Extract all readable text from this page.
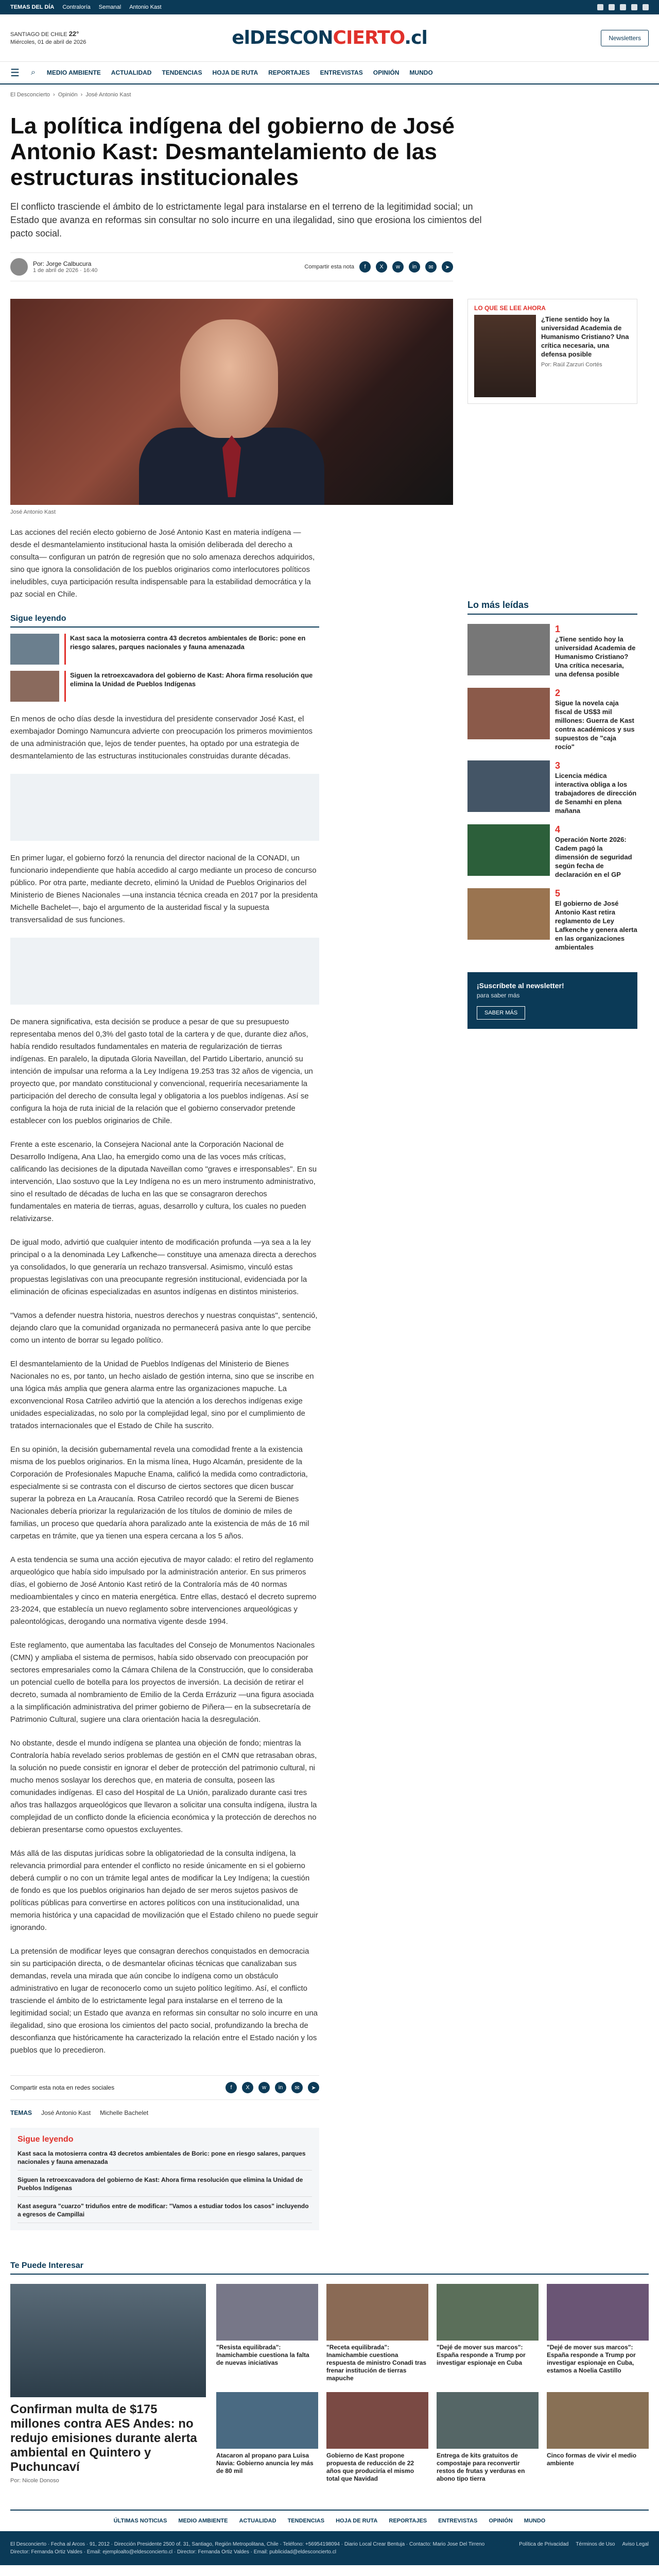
TEMAS DEL DÍA Contraloría Semanal Antonio Kast
SANTIAGO DE CHILE 22°
Miércoles, 01 de abril de 2026	elDESCONCIERTO.cl	Newsletters
☰ ⌕ MEDIO AMBIENTE ACTUALIDAD TENDENCIAS HOJA DE RUTA REPORTAJES ENTREVISTAS OPINIÓN MUNDO
El Desconcierto › Opinión › José Antonio Kast
La política indígena del gobierno de José Antonio Kast: Desmantelamiento de las estructuras institucionales

El conflicto trasciende el ámbito de lo estrictamente legal para instalarse en el terreno de la legitimidad social; un Estado que avanza en reformas sin consultar no solo incurre en una ilegalidad, sino que erosiona los cimientos del pacto social.

Por: Jorge Calbucura
1 de abril de 2026 · 16:40
Compartir esta nota	f	X	w	in	✉	➤
José Antonio Kast

Las acciones del recién electo gobierno de José Antonio Kast en materia indígena —desde el desmantelamiento institucional hasta la omisión deliberada del derecho a consulta— configuran un patrón de regresión que no solo amenaza derechos adquiridos, sino que ignora la consolidación de los pueblos originarios como interlocutores políticos ineludibles, cuya participación resulta indispensable para la estabilidad democrática y la paz social en Chile.

Sigue leyendo
Kast saca la motosierra contra 43 decretos ambientales de Boric: pone en riesgo salares, parques nacionales y fauna amenazada
Siguen la retroexcavadora del gobierno de Kast: Ahora firma resolución que elimina la Unidad de Pueblos Indígenas

En menos de ocho días desde la investidura del presidente conservador José Kast, el exembajador Domingo Namuncura advierte con preocupación los primeros movimientos de una administración que, lejos de tender puentes, ha optado por una estrategia de desmantelamiento de las estructuras institucionales construidas durante décadas.

En primer lugar, el gobierno forzó la renuncia del director nacional de la CONADI, un funcionario independiente que había accedido al cargo mediante un proceso de concurso público. Por otra parte, mediante decreto, eliminó la Unidad de Pueblos Originarios del Ministerio de Bienes Nacionales —una instancia técnica creada en 2017 por la presidenta Michelle Bachelet—, bajo el argumento de la austeridad fiscal y la supuesta transversalidad de sus funciones.

De manera significativa, esta decisión se produce a pesar de que su presupuesto representaba menos del 0,3% del gasto total de la cartera y de que, durante diez años, había rendido resultados fundamentales en materia de regularización de tierras indígenas. En paralelo, la diputada Gloria Naveillan, del Partido Libertario, anunció su intención de impulsar una reforma a la Ley Indígena 19.253 tras 32 años de vigencia, un proyecto que, por mandato constitucional y convencional, requeriría necesariamente la participación del derecho de consulta legal y obligatoria a los pueblos indígenas. Así se configura la hoja de ruta inicial de la relación que el gobierno conservador pretende establecer con los pueblos originarios de Chile.

Frente a este escenario, la Consejera Nacional ante la Corporación Nacional de Desarrollo Indígena, Ana Llao, ha emergido como una de las voces más críticas, calificando las decisiones de la diputada Naveillan como "graves e irresponsables". En su intervención, Llao sostuvo que la Ley Indígena no es un mero instrumento administrativo, sino el resultado de décadas de lucha en las que se consagraron derechos fundamentales en materia de tierras, aguas, desarrollo y cultura, los cuales no pueden relativizarse.

De igual modo, advirtió que cualquier intento de modificación profunda —ya sea a la ley principal o a la denominada Ley Lafkenche— constituye una amenaza directa a derechos ya consolidados, lo que generaría un rechazo transversal. Asimismo, vinculó estas propuestas legislativas con una preocupante regresión institucional, evidenciada por la eliminación de oficinas especializadas en asuntos indígenas en distintos ministerios.

"Vamos a defender nuestra historia, nuestros derechos y nuestras conquistas", sentenció, dejando claro que la comunidad organizada no permanecerá pasiva ante lo que percibe como un intento de borrar su legado político.

El desmantelamiento de la Unidad de Pueblos Indígenas del Ministerio de Bienes Nacionales no es, por tanto, un hecho aislado de gestión interna, sino que se inscribe en una lógica más amplia que genera alarma entre las organizaciones mapuche. La exconvencional Rosa Catrileo advirtió que la atención a los derechos indígenas exige unidades especializadas, no solo por la complejidad legal, sino por el cumplimiento de tratados internacionales que el Estado de Chile ha suscrito.

En su opinión, la decisión gubernamental revela una comodidad frente a la existencia misma de los pueblos originarios. En la misma línea, Hugo Alcamán, presidente de la Corporación de Profesionales Mapuche Enama, calificó la medida como contradictoria, especialmente si se contrasta con el discurso de ciertos sectores que dicen buscar superar la pobreza en La Araucanía. Rosa Catrileo recordó que la Seremi de Bienes Nacionales debería priorizar la regularización de los títulos de dominio de miles de familias, un proceso que quedaría ahora paralizado ante la existencia de más de 16 mil carpetas en trámite, que ya tienen una espera cercana a los 5 años.

A esta tendencia se suma una acción ejecutiva de mayor calado: el retiro del reglamento arqueológico que había sido impulsado por la administración anterior. En sus primeros días, el gobierno de José Antonio Kast retiró de la Contraloría más de 40 normas medioambientales y cinco en materia energética. Entre ellas, destacó el decreto supremo 23-2024, que establecía un nuevo reglamento sobre intervenciones arqueológicas y paleontológicas, derogando una normativa vigente desde 1994.

Este reglamento, que aumentaba las facultades del Consejo de Monumentos Nacionales (CMN) y ampliaba el sistema de permisos, había sido observado con preocupación por sectores empresariales como la Cámara Chilena de la Construcción, que lo consideraba un potencial cuello de botella para los proyectos de inversión. La decisión de retirar el decreto, sumada al nombramiento de Emilio de la Cerda Errázuriz —una figura asociada a la simplificación administrativa del primer gobierno de Piñera— en la subsecretaría de Patrimonio Cultural, sugiere una clara orientación hacia la desregulación.

No obstante, desde el mundo indígena se plantea una objeción de fondo; mientras la Contraloría había revelado serios problemas de gestión en el CMN que retrasaban obras, la solución no puede consistir en ignorar el deber de protección del patrimonio cultural, ni mucho menos soslayar los derechos que, en materia de consulta, poseen las comunidades indígenas. El caso del Hospital de La Unión, paralizado durante casi tres años tras hallazgos arqueológicos que llevaron a solicitar una consulta indígena, ilustra la complejidad de un conflicto donde la eficiencia económica y la protección de derechos no debieran presentarse como opuestos excluyentes.

Más allá de las disputas jurídicas sobre la obligatoriedad de la consulta indígena, la relevancia primordial para entender el conflicto no reside únicamente en si el gobierno deberá cumplir o no con un trámite legal antes de modificar la Ley Indígena; la cuestión de fondo es que los pueblos originarios han dejado de ser meros sujetos pasivos de políticas públicas para convertirse en actores políticos con una institucionalidad, una memoria histórica y una capacidad de movilización que el Estado chileno no puede seguir ignorando.

La pretensión de modificar leyes que consagran derechos conquistados en democracia sin su participación directa, o de desmantelar oficinas técnicas que canalizaban sus demandas, revela una mirada que aún concibe lo indígena como un obstáculo administrativo en lugar de reconocerlo como un sujeto político legítimo. Así, el conflicto trasciende el ámbito de lo estrictamente legal para instalarse en el terreno de la legitimidad social; un Estado que avanza en reformas sin consultar no solo incurre en una ilegalidad, sino que erosiona los cimientos del pacto social, profundizando la brecha de desconfianza que históricamente ha caracterizado la relación entre el Estado nación y los pueblos que lo precedieron.

Compartir esta nota en redes sociales	f	X	w	in	✉	➤
TEMAS José Antonio Kast Michelle Bachelet
Sigue leyendo
Kast saca la motosierra contra 43 decretos ambientales de Boric: pone en riesgo salares, parques nacionales y fauna amenazada
Siguen la retroexcavadora del gobierno de Kast: Ahora firma resolución que elimina la Unidad de Pueblos Indígenas
Kast asegura "cuarzo" triduños entre de modificar: "Vamos a estudiar todos los casos" incluyendo a egresos de Campillai
LO QUE SE LEE AHORA
¿Tiene sentido hoy la universidad Academia de Humanismo Cristiano? Una crítica necesaria, una defensa posible
Por: Raúl Zarzuri Cortés
Lo más leídas
1
¿Tiene sentido hoy la universidad Academia de Humanismo Cristiano? Una crítica necesaria, una defensa posible
2
Sigue la novela caja fiscal de US$3 mil millones: Guerra de Kast contra académicos y sus supuestos de "caja rocío"
3
Licencia médica interactiva obliga a los trabajadores de dirección de Senamhi en plena mañana
4
Operación Norte 2026: Cadem pagó la dimensión de seguridad según fecha de declaración en el GP
5
El gobierno de José Antonio Kast retira reglamento de Ley Lafkenche y genera alerta en las organizaciones ambientales
¡Suscríbete al newsletter!
para saber más
SABER MÁS
Te Puede Interesar
Confirman multa de $175 millones contra AES Andes: no redujo emisiones durante alerta ambiental en Quintero y Puchuncaví
Por: Nicole Donoso
"Resista equilibrada": Inamichambie cuestiona la falta de nuevas iniciativas
"Receta equilibrada": Inamichambie cuestiona respuesta de ministro Conadi tras frenar institución de tierras mapuche
"Dejé de mover sus marcos": España responde a Trump por investigar espionaje en Cuba
"Dejé de mover sus marcos": España responde a Trump por investigar espionaje en Cuba, estamos a Noelia Castillo
Atacaron al propano para Luisa Navia: Gobierno anuncia ley más de 80 mil
Gobierno de Kast propone propuesta de reducción de 22 años que produciría el mismo total que Navidad
Entrega de kits gratuitos de compostaje para reconvertir restos de frutas y verduras en abono tipo tierra
Cinco formas de vivir el medio ambiente
ÚLTIMAS NOTICIAS MEDIO AMBIENTE ACTUALIDAD TENDENCIAS HOJA DE RUTA REPORTAJES ENTREVISTAS OPINIÓN MUNDO
El Desconcierto · Fecha al Arcos · 91, 2012 · Dirección Presidente 2500 of. 31, Santiago, Región Metropolitana, Chile · Teléfono: +56954198094 · Diario Local Crear Bentuja · Contacto: Mario Jose Del Tirreno
Director: Fernanda Ortiz Valdes · Email: ejemploalto@eldesconcierto.cl · Director: Fernanda Ortiz Valdes · Email: publicidad@eldesconcierto.cl
Política de Privacidad Términos de Uso Aviso Legal
